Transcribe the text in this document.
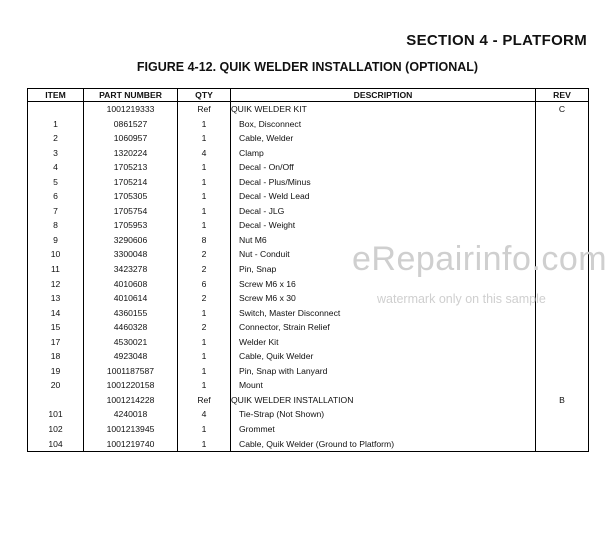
SECTION 4 - PLATFORM
FIGURE 4-12. QUIK WELDER INSTALLATION (OPTIONAL)
ITEM	PART NUMBER	QTY	DESCRIPTION	REV
	1001219333	Ref	QUIK WELDER KIT	C
1	0861527	1	Box, Disconnect	
2	1060957	1	Cable, Welder	
3	1320224	4	Clamp	
4	1705213	1	Decal - On/Off	
5	1705214	1	Decal - Plus/Minus	
6	1705305	1	Decal - Weld Lead	
7	1705754	1	Decal - JLG	
8	1705953	1	Decal - Weight	
9	3290606	8	Nut M6	
10	3300048	2	Nut - Conduit	
11	3423278	2	Pin, Snap	
12	4010608	6	Screw M6 x 16	
13	4010614	2	Screw M6 x 30	
14	4360155	1	Switch, Master Disconnect	
15	4460328	2	Connector, Strain Relief	
17	4530021	1	Welder Kit	
18	4923048	1	Cable, Quik Welder	
19	1001187587	1	Pin, Snap with Lanyard	
20	1001220158	1	Mount	
	1001214228	Ref	QUIK WELDER INSTALLATION	B
101	4240018	4	Tie-Strap (Not Shown)	
102	1001213945	1	Grommet	
104	1001219740	1	Cable, Quik Welder (Ground to Platform)	
eRepairinfo.com
watermark only on this sample
